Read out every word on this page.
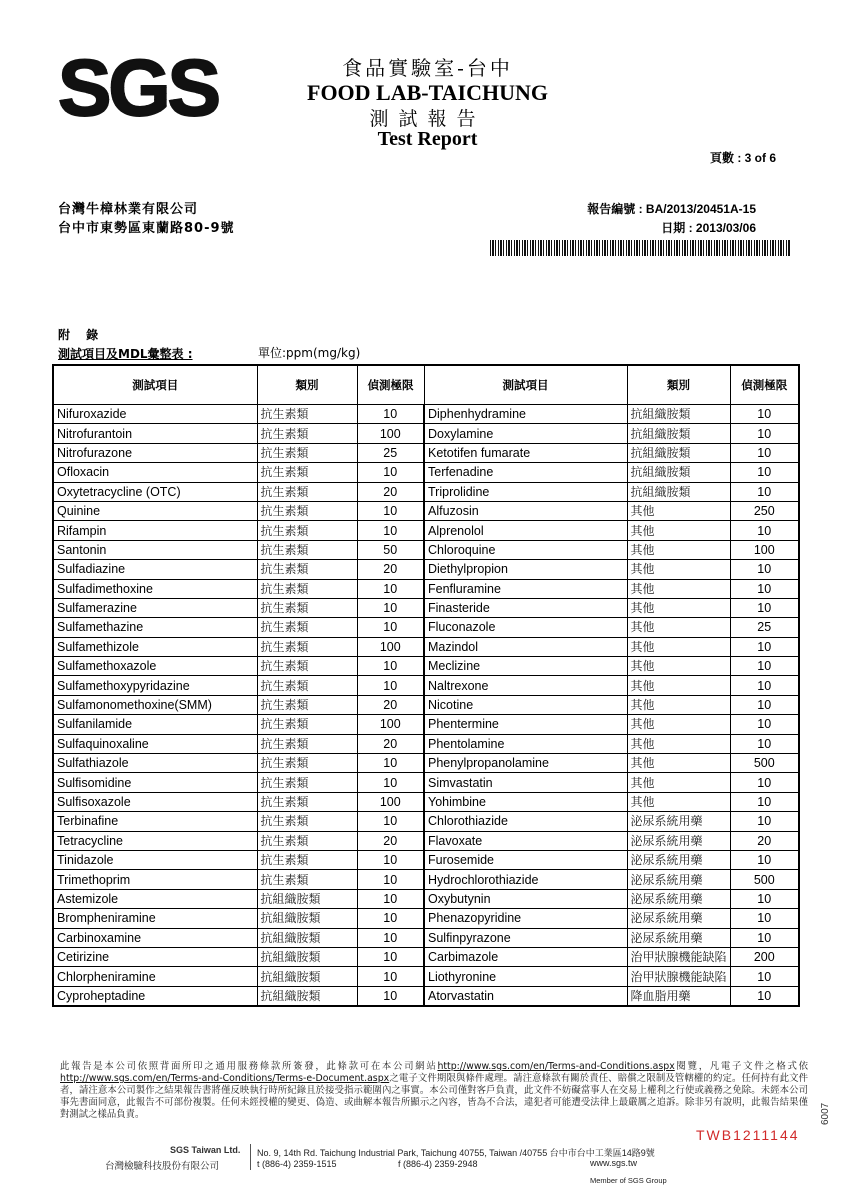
SGS	食品實驗室-台中
FOOD LAB-TAICHUNG
測試報告
Test Report
頁數 : 3 of 6
台灣牛樟林業有限公司
台中市東勢區東蘭路80-9號
報告編號 : BA/2013/20451A-15
日期 : 2013/03/06
附 錄
測試項目及MDL彙整表 :	單位:ppm(mg/kg)
測試項目	類別	偵測極限	測試項目	類別	偵測極限
Nifuroxazide	抗生素類	10	Diphenhydramine	抗組織胺類	10
Nitrofurantoin	抗生素類	100	Doxylamine	抗組織胺類	10
Nitrofurazone	抗生素類	25	Ketotifen fumarate	抗組織胺類	10
Ofloxacin	抗生素類	10	Terfenadine	抗組織胺類	10
Oxytetracycline (OTC)	抗生素類	20	Triprolidine	抗組織胺類	10
Quinine	抗生素類	10	Alfuzosin	其他	250
Rifampin	抗生素類	10	Alprenolol	其他	10
Santonin	抗生素類	50	Chloroquine	其他	100
Sulfadiazine	抗生素類	20	Diethylpropion	其他	10
Sulfadimethoxine	抗生素類	10	Fenfluramine	其他	10
Sulfamerazine	抗生素類	10	Finasteride	其他	10
Sulfamethazine	抗生素類	10	Fluconazole	其他	25
Sulfamethizole	抗生素類	100	Mazindol	其他	10
Sulfamethoxazole	抗生素類	10	Meclizine	其他	10
Sulfamethoxypyridazine	抗生素類	10	Naltrexone	其他	10
Sulfamonomethoxine(SMM)	抗生素類	20	Nicotine	其他	10
Sulfanilamide	抗生素類	100	Phentermine	其他	10
Sulfaquinoxaline	抗生素類	20	Phentolamine	其他	10
Sulfathiazole	抗生素類	10	Phenylpropanolamine	其他	500
Sulfisomidine	抗生素類	10	Simvastatin	其他	10
Sulfisoxazole	抗生素類	100	Yohimbine	其他	10
Terbinafine	抗生素類	10	Chlorothiazide	泌尿系統用藥	10
Tetracycline	抗生素類	20	Flavoxate	泌尿系統用藥	20
Tinidazole	抗生素類	10	Furosemide	泌尿系統用藥	10
Trimethoprim	抗生素類	10	Hydrochlorothiazide	泌尿系統用藥	500
Astemizole	抗組織胺類	10	Oxybutynin	泌尿系統用藥	10
Brompheniramine	抗組織胺類	10	Phenazopyridine	泌尿系統用藥	10
Carbinoxamine	抗組織胺類	10	Sulfinpyrazone	泌尿系統用藥	10
Cetirizine	抗組織胺類	10	Carbimazole	治甲狀腺機能缺陷	200
Chlorpheniramine	抗組織胺類	10	Liothyronine	治甲狀腺機能缺陷	10
Cyproheptadine	抗組織胺類	10	Atorvastatin	降血脂用藥	10
此報告是本公司依照背面所印之通用服務條款所簽發，此條款可在本公司網站http://www.sgs.com/en/Terms-and-Conditions.aspx閱覽，凡電子文件之格式依http://www.sgs.com/en/Terms-and-Conditions/Terms-e-Document.aspx之電子文件期限與條件處理。請注意條款有關於責任、賠償之限制及管轄權的約定。任何持有此文件者，請注意本公司製作之結果報告書將僅反映執行時所紀錄且於接受指示範圍內之事實。本公司僅對客戶負責，此文件不妨礙當事人在交易上權利之行使或義務之免除。未經本公司事先書面同意，此報告不可部份複製。任何未經授權的變更、偽造、或曲解本報告所顯示之內容，皆為不合法，違犯者可能遭受法律上最嚴厲之追訴。除非另有說明，此報告結果僅對測試之樣品負責。
TWB1211144
6007
SGS Taiwan Ltd.
台灣檢驗科技股份有限公司
No. 9, 14th Rd. Taichung Industrial Park, Taichung 40755, Taiwan /40755 台中市台中工業區14路9號
t (886-4) 2359-1515	f (886-4) 2359-2948	www.sgs.tw
Member of SGS Group
